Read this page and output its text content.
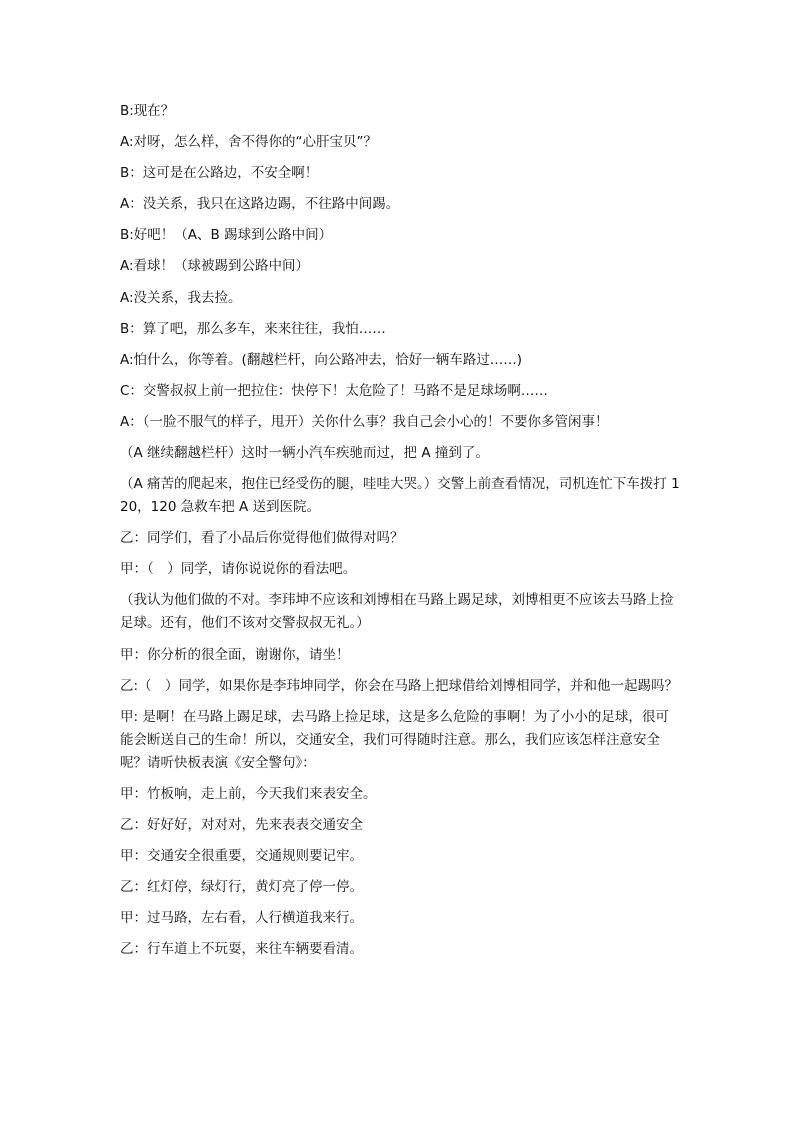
B:现在？

A:对呀，怎么样，舍不得你的“心肝宝贝”？

B：这可是在公路边，不安全啊！

A：没关系，我只在这路边踢，不往路中间踢。

B:好吧！（A、B 踢球到公路中间）

A:看球！（球被踢到公路中间）

A:没关系，我去捡。

B：算了吧，那么多车，来来往往，我怕……

A:怕什么，你等着。(翻越栏杆，向公路冲去，恰好一辆车路过……)

C：交警叔叔上前一把拉住：快停下！太危险了！马路不是足球场啊……

A：（一脸不服气的样子，甩开）关你什么事？我自己会小心的！不要你多管闲事！

（A 继续翻越栏杆）这时一辆小汽车疾驰而过，把 A 撞到了。

（A 痛苦的爬起来，抱住已经受伤的腿，哇哇大哭。）交警上前查看情况，司机连忙下车拨打 120，120 急救车把 A 送到医院。

乙：同学们，看了小品后你觉得他们做得对吗？

甲：（　）同学，请你说说你的看法吧。

（我认为他们做的不对。李玮坤不应该和刘博相在马路上踢足球，刘博相更不应该去马路上捡足球。还有，他们不该对交警叔叔无礼。）

甲：你分析的很全面，谢谢你，请坐！

乙:（　）同学，如果你是李玮坤同学，你会在马路上把球借给刘博相同学，并和他一起踢吗？

甲: 是啊！在马路上踢足球，去马路上捡足球，这是多么危险的事啊！为了小小的足球，很可能会断送自己的生命！所以，交通安全，我们可得随时注意。那么，我们应该怎样注意安全呢？请听快板表演《安全警句》：

甲：竹板响，走上前，今天我们来表安全。

乙：好好好，对对对，先来表表交通安全

甲：交通安全很重要，交通规则要记牢。

乙：红灯停，绿灯行，黄灯亮了停一停。

甲：过马路，左右看，人行横道我来行。

乙：行车道上不玩耍，来往车辆要看清。
